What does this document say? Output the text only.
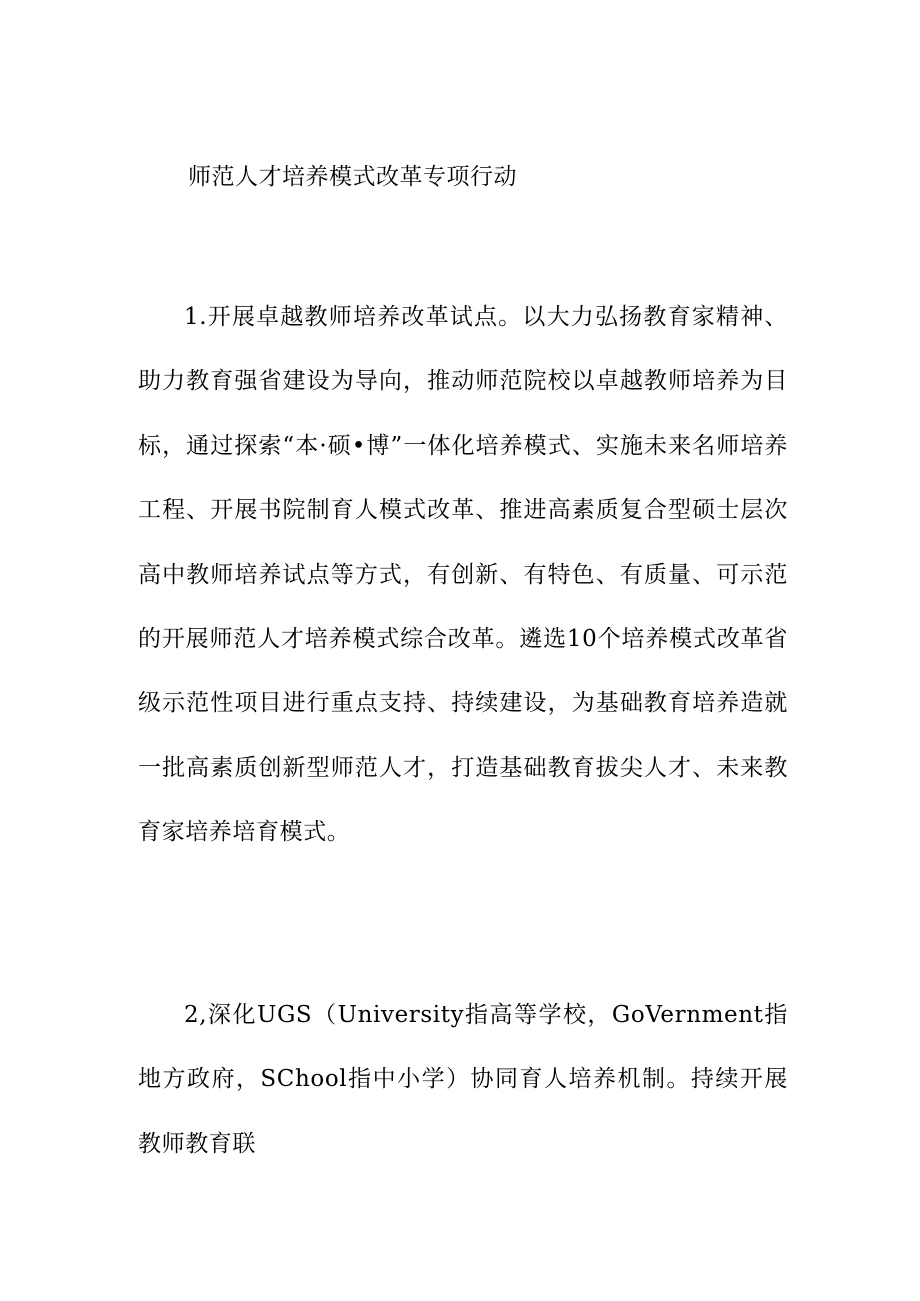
师范人才培养模式改革专项行动

1.开展卓越教师培养改革试点。以大力弘扬教育家精神、助力教育强省建设为导向，推动师范院校以卓越教师培养为目标，通过探索“本·硕•博”一体化培养模式、实施未来名师培养工程、开展书院制育人模式改革、推进高素质复合型硕士层次高中教师培养试点等方式，有创新、有特色、有质量、可示范的开展师范人才培养模式综合改革。遴选10个培养模式改革省级示范性项目进行重点支持、持续建设，为基础教育培养造就一批高素质创新型师范人才，打造基础教育拔尖人才、未来教育家培养培育模式。

2,深化UGS（University指高等学校，GoVernment指地方政府，SChool指中小学）协同育人培养机制。持续开展教师教育联
